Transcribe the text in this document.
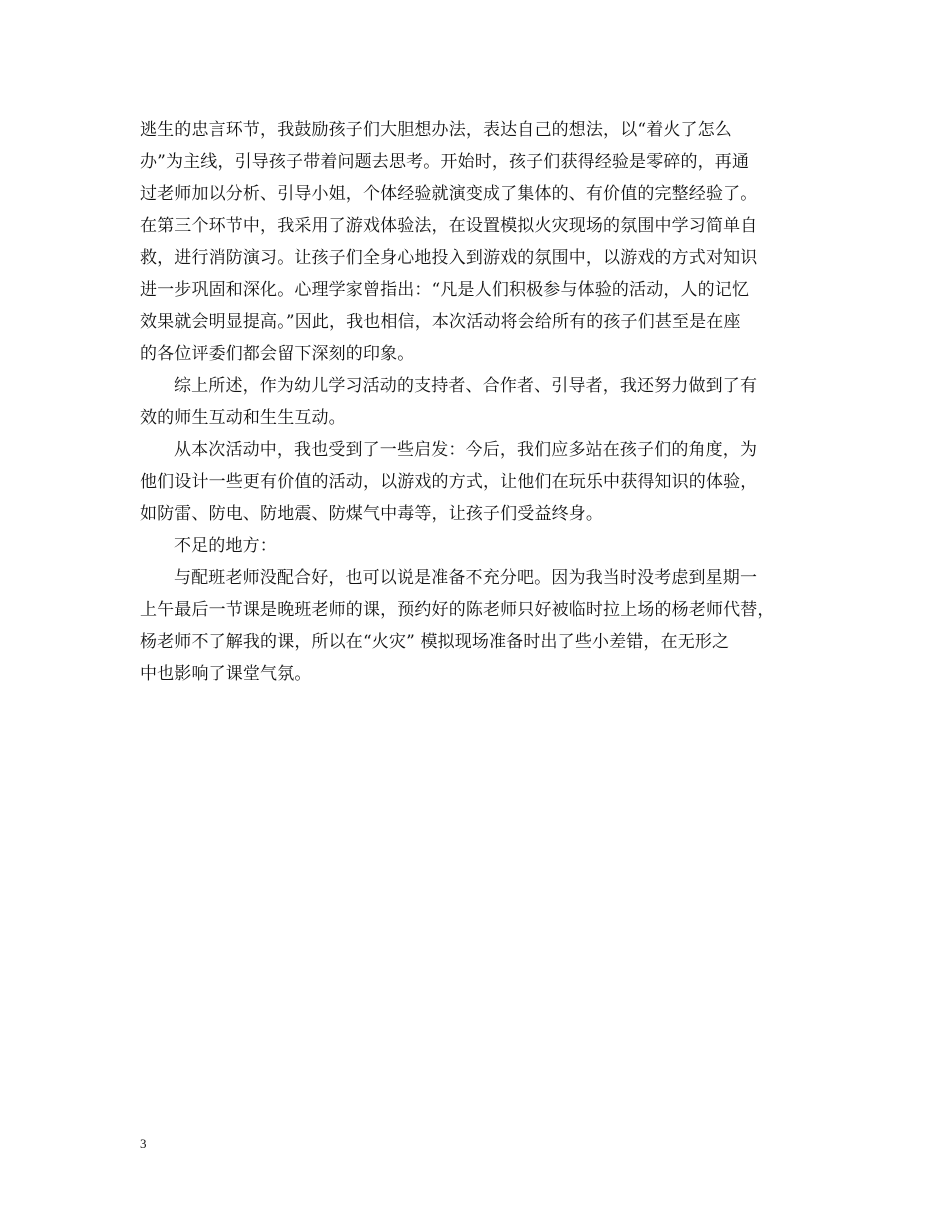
逃生的忠言环节，我鼓励孩子们大胆想办法，表达自己的想法，以“着火了怎么
办”为主线，引导孩子带着问题去思考。开始时，孩子们获得经验是零碎的，再通
过老师加以分析、引导小姐，个体经验就演变成了集体的、有价值的完整经验了。
在第三个环节中，我采用了游戏体验法，在设置模拟火灾现场的氛围中学习简单自
救，进行消防演习。让孩子们全身心地投入到游戏的氛围中，以游戏的方式对知识
进一步巩固和深化。心理学家曾指出：“凡是人们积极参与体验的活动，人的记忆
效果就会明显提高。”因此，我也相信，本次活动将会给所有的孩子们甚至是在座
的各位评委们都会留下深刻的印象。
综上所述，作为幼儿学习活动的支持者、合作者、引导者，我还努力做到了有
效的师生互动和生生互动。
从本次活动中，我也受到了一些启发：今后，我们应多站在孩子们的角度，为
他们设计一些更有价值的活动，以游戏的方式，让他们在玩乐中获得知识的体验，
如防雷、防电、防地震、防煤气中毒等，让孩子们受益终身。
不足的地方：
与配班老师没配合好，也可以说是准备不充分吧。因为我当时没考虑到星期一
上午最后一节课是晚班老师的课，预约好的陈老师只好被临时拉上场的杨老师代替，
杨老师不了解我的课，所以在“火灾” 模拟现场准备时出了些小差错，在无形之
中也影响了课堂气氛。
3
